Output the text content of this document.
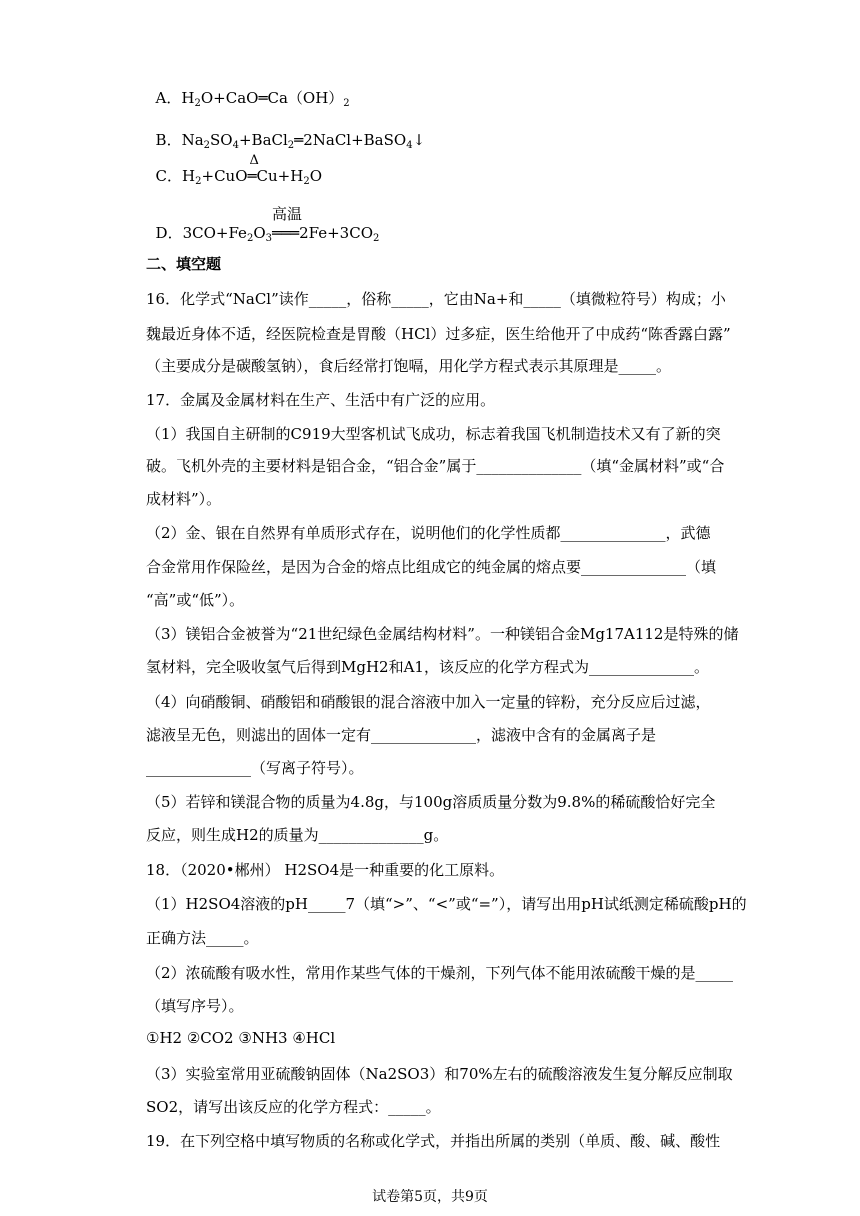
A．$H_2O+CaO═Ca(OH)_2$

B．$Na_2SO_4+BaCl_2═2NaCl+BaSO_4↓$

C．$H_2+CuO$
Δ
$═Cu+H_2O$

D．$3CO+Fe_2O_3$
高温
$═══2Fe+3CO_2$

二、填空题
16．化学式“NaCl”读作_____，俗称_____，它由Na+和_____（填微粒符号）构成；小
魏最近身体不适，经医院检查是胃酸（HCl）过多症，医生给他开了中成药“陈香露白露”
（主要成分是碳酸氢钠），食后经常打饱嗝，用化学方程式表示其原理是_____。
17．金属及金属材料在生产、生活中有广泛的应用。
（1）我国自主研制的C919大型客机试飞成功，标志着我国飞机制造技术又有了新的突
破。飞机外壳的主要材料是铝合金，“铝合金”属于______________（填“金属材料”或“合
成材料”）。
（2）金、银在自然界有单质形式存在，说明他们的化学性质都______________，武德
合金常用作保险丝，是因为合金的熔点比组成它的纯金属的熔点要______________（填
“高”或“低”）。
（3）镁铝合金被誉为“21世纪绿色金属结构材料”。一种镁铝合金Mg17A112是特殊的储
氢材料，完全吸收氢气后得到MgH2和A1，该反应的化学方程式为______________。
（4）向硝酸铜、硝酸铝和硝酸银的混合溶液中加入一定量的锌粉，充分反应后过滤，
滤液呈无色，则滤出的固体一定有______________，滤液中含有的金属离子是
______________（写离子符号）。
（5）若锌和镁混合物的质量为4.8g，与100g溶质质量分数为9.8%的稀硫酸恰好完全
反应，则生成H2的质量为______________g。
18．（2020•郴州） H2SO4是一种重要的化工原料。
（1）H2SO4溶液的pH_____7（填“>”、“<”或“=”），请写出用pH试纸测定稀硫酸pH的
正确方法_____。
（2）浓硫酸有吸水性，常用作某些气体的干燥剂，下列气体不能用浓硫酸干燥的是_____
（填写序号）。
①H2 ②CO2 ③NH3 ④HCl
（3）实验室常用亚硫酸钠固体（Na2SO3）和70%左右的硫酸溶液发生复分解反应制取
SO2，请写出该反应的化学方程式：_____。
19．在下列空格中填写物质的名称或化学式，并指出所属的类别（单质、酸、碱、酸性
试卷第5页，共9页
